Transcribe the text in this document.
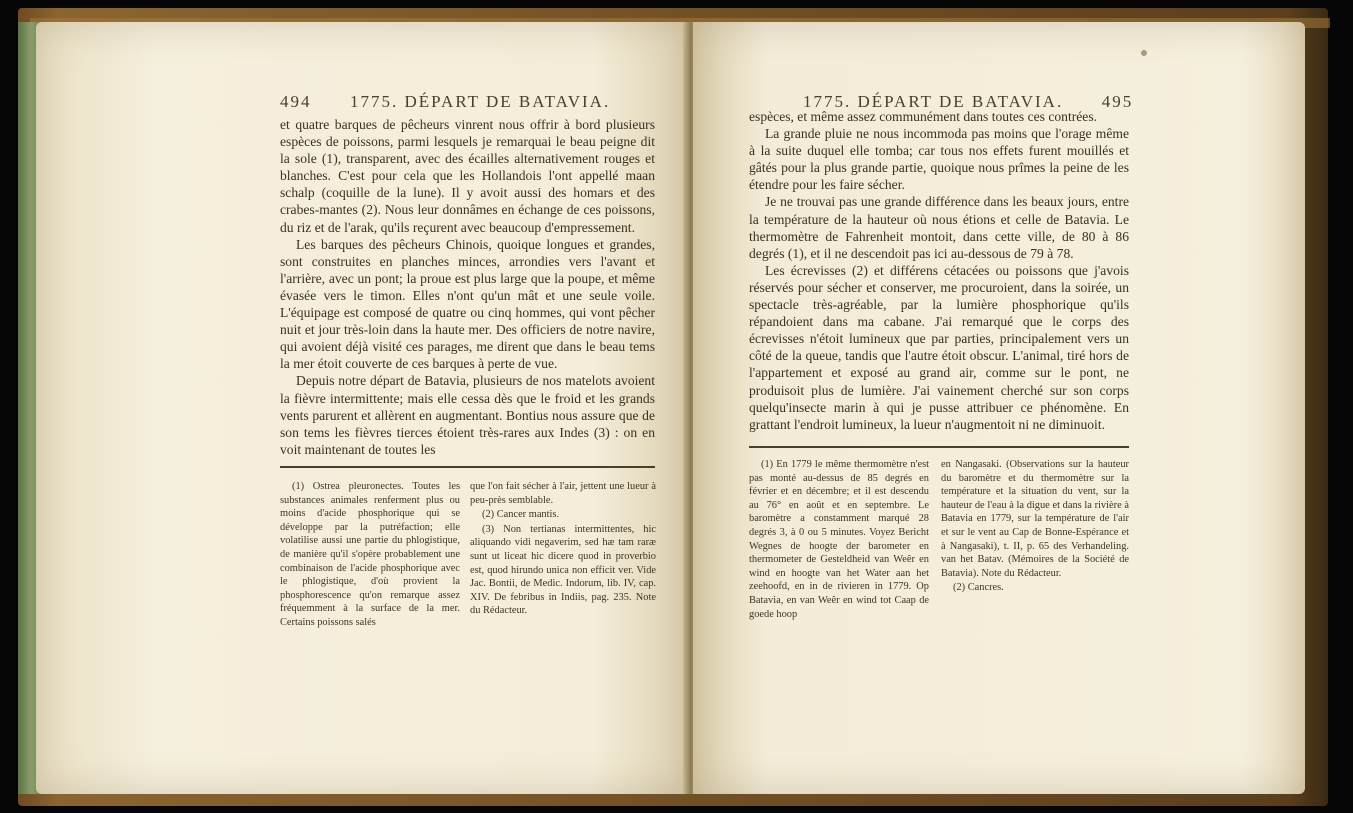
494 1775. DÉPART DE BATAVIA.

et quatre barques de pêcheurs vinrent nous offrir à bord plusieurs espèces de poissons, parmi lesquels je remarquai le beau peigne dit la sole (1), transparent, avec des écailles alternativement rouges et blanches. C'est pour cela que les Hollandois l'ont appellé maan schalp (coquille de la lune). Il y avoit aussi des homars et des crabes-mantes (2). Nous leur donnâmes en échange de ces poissons, du riz et de l'arak, qu'ils reçurent avec beaucoup d'empressement.

Les barques des pêcheurs Chinois, quoique longues et grandes, sont construites en planches minces, arrondies vers l'avant et l'arrière, avec un pont; la proue est plus large que la poupe, et même évasée vers le timon. Elles n'ont qu'un mât et une seule voile. L'équipage est composé de quatre ou cinq hommes, qui vont pêcher nuit et jour très-loin dans la haute mer. Des officiers de notre navire, qui avoient déjà visité ces parages, me dirent que dans le beau tems la mer étoit couverte de ces barques à perte de vue.

Depuis notre départ de Batavia, plusieurs de nos matelots avoient la fièvre intermittente; mais elle cessa dès que le froid et les grands vents parurent et allèrent en augmentant. Bontius nous assure que de son tems les fièvres tierces étoient très-rares aux Indes (3) : on en voit maintenant de toutes les

(1) Ostrea pleuronectes. Toutes les substances animales renferment plus ou moins d'acide phosphorique qui se développe par la putréfaction; elle volatilise aussi une partie du phlogistique, de manière qu'il s'opère probablement une combinaison de l'acide phosphorique avec le phlogistique, d'où provient la phosphorescence qu'on remarque assez fréquemment à la surface de la mer. Certains poissons salés

que l'on fait sécher à l'air, jettent une lueur à peu-près semblable.

(2) Cancer mantis.

(3) Non tertianas intermittentes, hic aliquando vidi negaverim, sed hæ tam raræ sunt ut liceat hic dicere quod in proverbio est, quod hirundo unica non efficit ver. Vide Jac. Bontii, de Medic. Indorum, lib. IV, cap. XIV. De febribus in Indiis, pag. 235. Note du Rédacteur.

1775. DÉPART DE BATAVIA. 495

espèces, et même assez communément dans toutes ces contrées.

La grande pluie ne nous incommoda pas moins que l'orage même à la suite duquel elle tomba; car tous nos effets furent mouillés et gâtés pour la plus grande partie, quoique nous prîmes la peine de les étendre pour les faire sécher.

Je ne trouvai pas une grande différence dans les beaux jours, entre la température de la hauteur où nous étions et celle de Batavia. Le thermomètre de Fahrenheit montoit, dans cette ville, de 80 à 86 degrés (1), et il ne descendoit pas ici au-dessous de 79 à 78.

Les écrevisses (2) et différens cétacées ou poissons que j'avois réservés pour sécher et conserver, me procuroient, dans la soirée, un spectacle très-agréable, par la lumière phosphorique qu'ils répandoient dans ma cabane. J'ai remarqué que le corps des écrevisses n'étoit lumineux que par parties, principalement vers un côté de la queue, tandis que l'autre étoit obscur. L'animal, tiré hors de l'appartement et exposé au grand air, comme sur le pont, ne produisoit plus de lumière. J'ai vainement cherché sur son corps quelqu'insecte marin à qui je pusse attribuer ce phénomène. En grattant l'endroit lumineux, la lueur n'augmentoit ni ne diminuoit.

(1) En 1779 le même thermomètre n'est pas monté au-dessus de 85 degrés en février et en décembre; et il est descendu au 76° en août et en septembre. Le baromètre a constamment marqué 28 degrés 3, à 0 ou 5 minutes. Voyez Bericht Wegnes de hoogte der barometer en thermometer de Gesteldheid van Weêr en wind en hoogte van het Water aan het zeehoofd, en in de rivieren in 1779. Op Batavia, en van Weêr en wind tot Caap de goede hoop

en Nangasaki. (Observations sur la hauteur du baromètre et du thermomètre sur la température et la situation du vent, sur la hauteur de l'eau à la digue et dans la rivière à Batavia en 1779, sur la température de l'air et sur le vent au Cap de Bonne-Espérance et à Nangasaki), t. II, p. 65 des Verhandeling. van het Batav. (Mémoires de la Société de Batavia). Note du Rédacteur.

(2) Cancres.
